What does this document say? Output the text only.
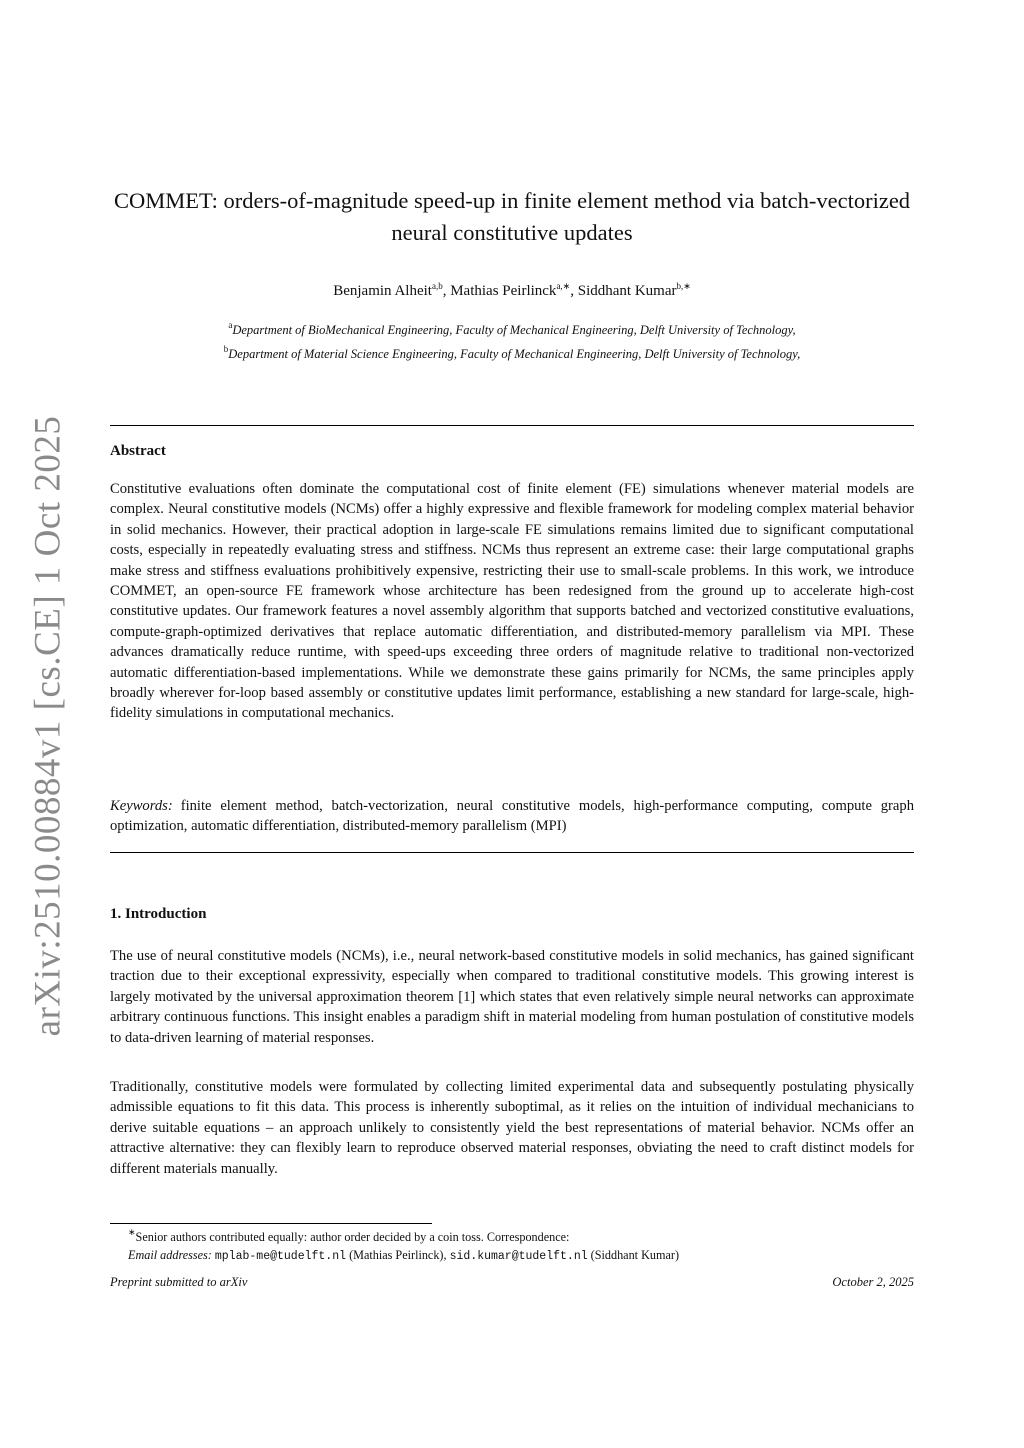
arXiv:2510.00884v1 [cs.CE] 1 Oct 2025
COMMET: orders-of-magnitude speed-up in finite element method via batch-vectorized neural constitutive updates
Benjamin Alheit$^{a,b}$, Mathias Peirlinck$^{a,∗}$, Siddhant Kumar$^{b,∗}$
$^a$Department of BioMechanical Engineering, Faculty of Mechanical Engineering, Delft University of Technology,
$^b$Department of Material Science Engineering, Faculty of Mechanical Engineering, Delft University of Technology,
Abstract

Constitutive evaluations often dominate the computational cost of finite element (FE) simulations whenever material models are complex. Neural constitutive models (NCMs) offer a highly expressive and flexible framework for modeling complex material behavior in solid mechanics. However, their practical adoption in large-scale FE simulations remains limited due to significant computational costs, especially in repeatedly evaluating stress and stiffness. NCMs thus represent an extreme case: their large computational graphs make stress and stiffness evaluations prohibitively expensive, restricting their use to small-scale problems. In this work, we introduce COMMET, an open-source FE framework whose architecture has been redesigned from the ground up to accelerate high-cost constitutive updates. Our framework features a novel assembly algorithm that supports batched and vectorized constitutive evaluations, compute-graph-optimized derivatives that replace automatic differentiation, and distributed-memory parallelism via MPI. These advances dramatically reduce runtime, with speed-ups exceeding three orders of magnitude relative to traditional non-vectorized automatic differentiation-based implementations. While we demonstrate these gains primarily for NCMs, the same principles apply broadly wherever for-loop based assembly or constitutive updates limit performance, establishing a new standard for large-scale, high-fidelity simulations in computational mechanics.

Keywords: finite element method, batch-vectorization, neural constitutive models, high-performance computing, compute graph optimization, automatic differentiation, distributed-memory parallelism (MPI)

1. Introduction

The use of neural constitutive models (NCMs), i.e., neural network-based constitutive models in solid mechanics, has gained significant traction due to their exceptional expressivity, especially when compared to traditional constitutive models. This growing interest is largely motivated by the universal approximation theorem [1] which states that even relatively simple neural networks can approximate arbitrary continuous functions. This insight enables a paradigm shift in material modeling from human postulation of constitutive models to data-driven learning of material responses.

Traditionally, constitutive models were formulated by collecting limited experimental data and subsequently postulating physically admissible equations to fit this data. This process is inherently suboptimal, as it relies on the intuition of individual mechanicians to derive suitable equations – an approach unlikely to consistently yield the best representations of material behavior. NCMs offer an attractive alternative: they can flexibly learn to reproduce observed material responses, obviating the need to craft distinct models for different materials manually.

∗Senior authors contributed equally: author order decided by a coin toss. Correspondence:
Email addresses: mplab-me@tudelft.nl (Mathias Peirlinck), sid.kumar@tudelft.nl (Siddhant Kumar)
Preprint submitted to arXiv	October 2, 2025
